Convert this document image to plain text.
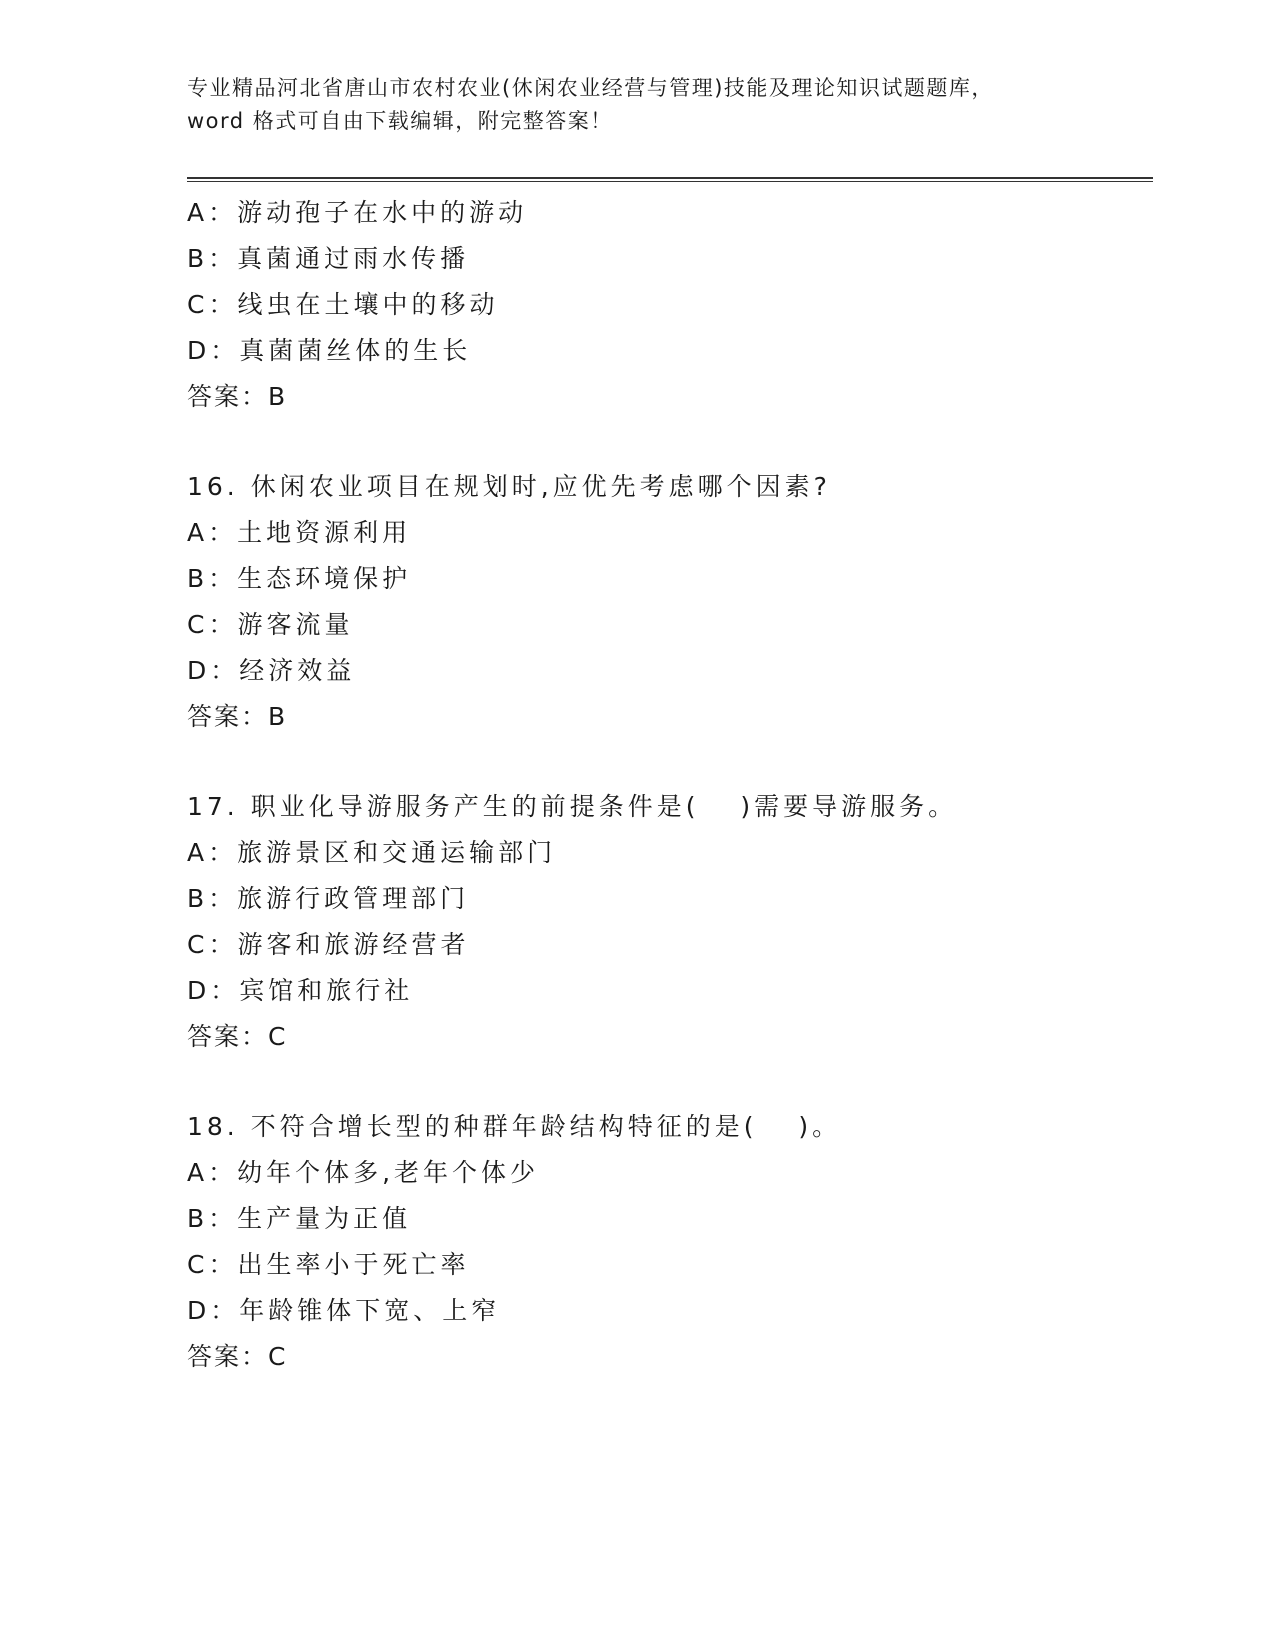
专业精品河北省唐山市农村农业(休闲农业经营与管理)技能及理论知识试题题库，
word 格式可自由下载编辑，附完整答案！
A：游动孢子在水中的游动
B：真菌通过雨水传播
C：线虫在土壤中的移动
D：真菌菌丝体的生长
答案：B
16. 休闲农业项目在规划时,应优先考虑哪个因素?
A：土地资源利用
B：生态环境保护
C：游客流量
D：经济效益
答案：B
17. 职业化导游服务产生的前提条件是(　 )需要导游服务。
A：旅游景区和交通运输部门
B：旅游行政管理部门
C：游客和旅游经营者
D：宾馆和旅行社
答案：C
18. 不符合增长型的种群年龄结构特征的是(　 )。
A：幼年个体多,老年个体少
B：生产量为正值
C：出生率小于死亡率
D：年龄锥体下宽、上窄
答案：C
